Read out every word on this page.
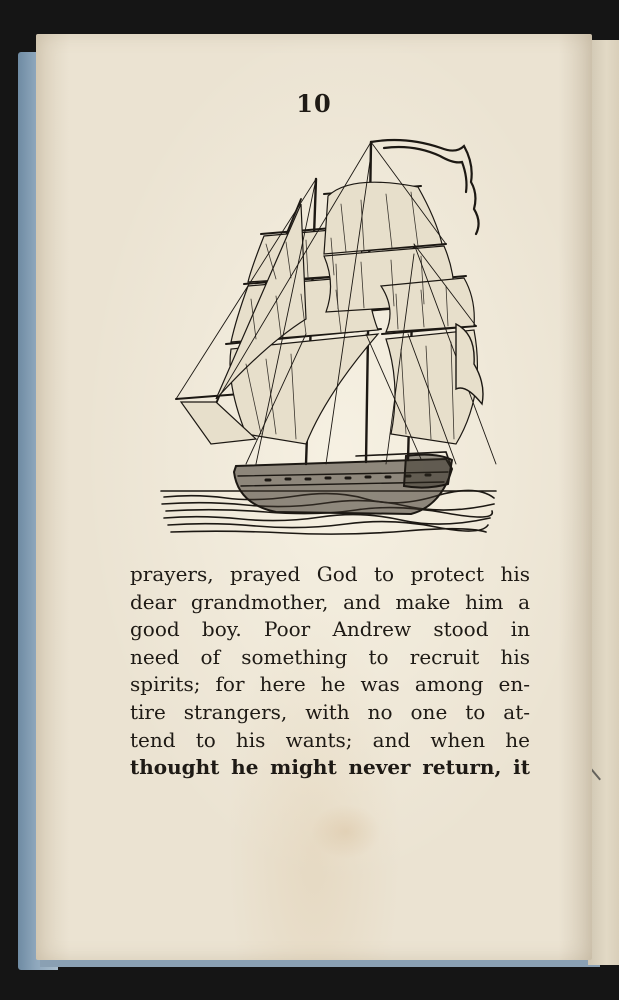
10
prayers, prayed God to protect his
dear grandmother, and make him a
good boy. Poor Andrew stood in
need of something to recruit his
spirits; for here he was among en-
tire strangers, with no one to at-
tend to his wants; and when he
thought he might never return, it
